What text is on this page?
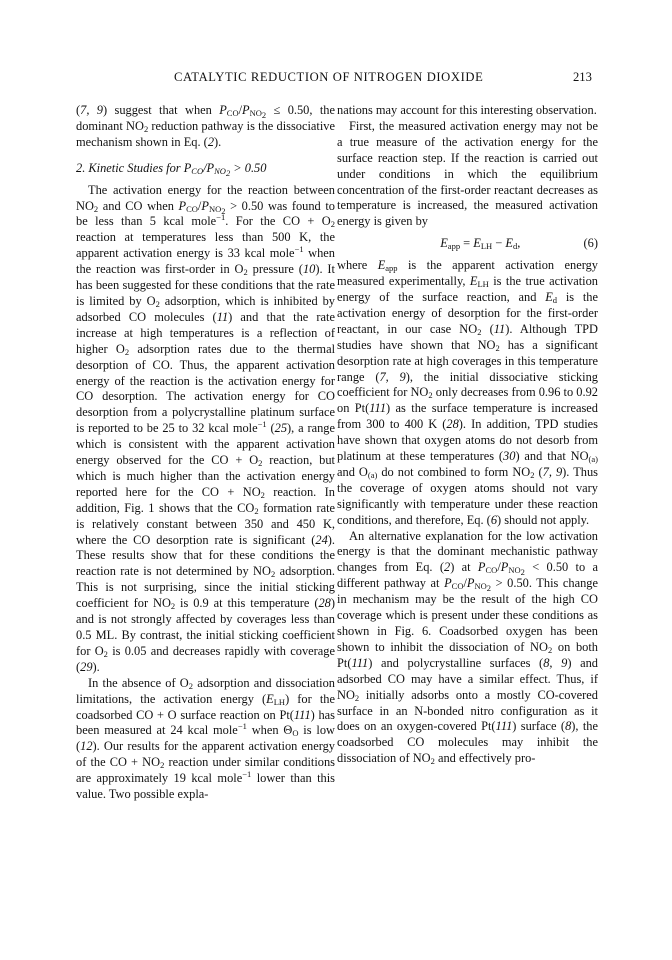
CATALYTIC REDUCTION OF NITROGEN DIOXIDE	213

(7, 9) suggest that when $P_{CO}/P_{NO_2} \le 0.50$, the dominant $NO_2$ reduction pathway is the dissociative mechanism shown in Eq. (2).

2. Kinetic Studies for $P_{CO}/P_{NO_2} > 0.50$

The activation energy for the reaction between $NO_2$ and CO when $P_{CO}/P_{NO_2} > 0.50$ was found to be less than 5 kcal mole$^{-1}$. For the CO + $O_2$ reaction at temperatures less than 500 K, the apparent activation energy is 33 kcal mole$^{-1}$ when the reaction was first-order in $O_2$ pressure (10). It has been suggested for these conditions that the rate is limited by $O_2$ adsorption, which is inhibited by adsorbed CO molecules (11) and that the rate increase at high temperatures is a reflection of higher $O_2$ adsorption rates due to the thermal desorption of CO. Thus, the apparent activation energy of the reaction is the activation energy for CO desorption. The activation energy for CO desorption from a polycrystalline platinum surface is reported to be 25 to 32 kcal mole$^{-1}$ (25), a range which is consistent with the apparent activation energy observed for the CO + $O_2$ reaction, but which is much higher than the activation energy reported here for the CO + $NO_2$ reaction. In addition, Fig. 1 shows that the $CO_2$ formation rate is relatively constant between 350 and 450 K, where the CO desorption rate is significant (24). These results show that for these conditions the reaction rate is not determined by $NO_2$ adsorption. This is not surprising, since the initial sticking coefficient for $NO_2$ is 0.9 at this temperature (28) and is not strongly affected by coverages less than 0.5 ML. By contrast, the initial sticking coefficient for $O_2$ is 0.05 and decreases rapidly with coverage (29).

In the absence of $O_2$ adsorption and dissociation limitations, the activation energy $(E_{LH})$ for the coadsorbed CO + O surface reaction on Pt(111) has been measured at 24 kcal mole$^{-1}$ when $\Theta_O$ is low (12). Our results for the apparent activation energy of the CO + $NO_2$ reaction under similar conditions are approximately 19 kcal mole$^{-1}$ lower than this value. Two possible expla-

nations may account for this interesting observation.

First, the measured activation energy may not be a true measure of the activation energy for the surface reaction step. If the reaction is carried out under conditions in which the equilibrium concentration of the first-order reactant decreases as temperature is increased, the measured activation energy is given by

$E_{app} = E_{LH} - E_d$,	(6)

where $E_{app}$ is the apparent activation energy measured experimentally, $E_{LH}$ is the true activation energy of the surface reaction, and $E_d$ is the activation energy of desorption for the first-order reactant, in our case $NO_2$ (11). Although TPD studies have shown that $NO_2$ has a significant desorption rate at high coverages in this temperature range (7, 9), the initial dissociative sticking coefficient for $NO_2$ only decreases from 0.96 to 0.92 on Pt(111) as the surface temperature is increased from 300 to 400 K (28). In addition, TPD studies have shown that oxygen atoms do not desorb from platinum at these temperatures (30) and that $NO_{(a)}$ and $O_{(a)}$ do not combined to form $NO_2$ (7, 9). Thus the coverage of oxygen atoms should not vary significantly with temperature under these reaction conditions, and therefore, Eq. (6) should not apply.

An alternative explanation for the low activation energy is that the dominant mechanistic pathway changes from Eq. (2) at $P_{CO}/P_{NO_2} < 0.50$ to a different pathway at $P_{CO}/P_{NO_2} > 0.50$. This change in mechanism may be the result of the high CO coverage which is present under these conditions as shown in Fig. 6. Coadsorbed oxygen has been shown to inhibit the dissociation of $NO_2$ on both Pt(111) and polycrystalline surfaces (8, 9) and adsorbed CO may have a similar effect. Thus, if $NO_2$ initially adsorbs onto a mostly CO-covered surface in an N-bonded nitro configuration as it does on an oxygen-covered Pt(111) surface (8), the coadsorbed CO molecules may inhibit the dissociation of $NO_2$ and effectively pro-
